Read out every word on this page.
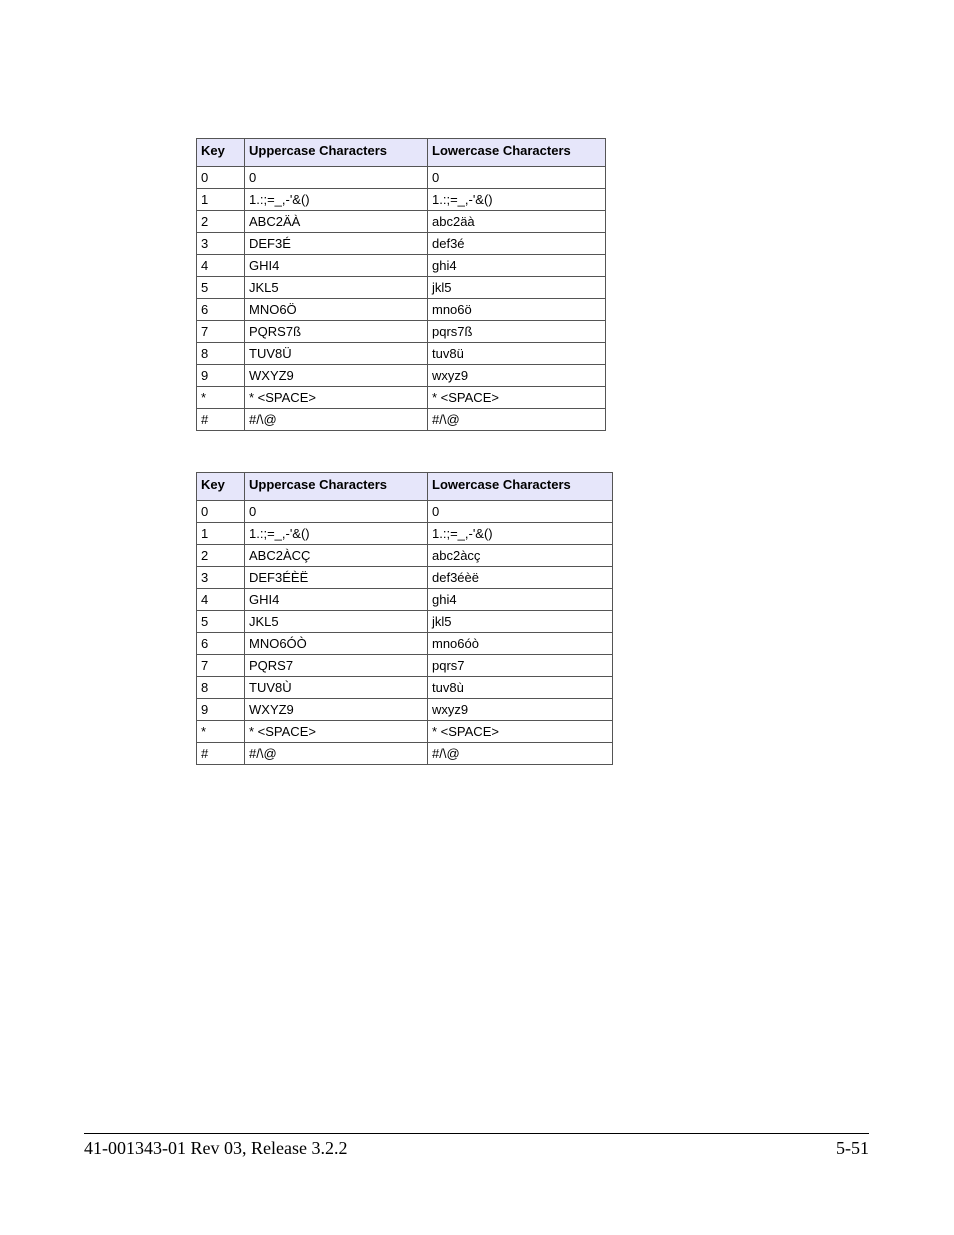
Key	Uppercase Characters	Lowercase Characters
0	0	0
1	1.:;=_,-'&()	1.:;=_,-'&()
2	ABC2ÄÀ	abc2äà
3	DEF3É	def3é
4	GHI4	ghi4
5	JKL5	jkl5
6	MNO6Ö	mno6ö
7	PQRS7ß	pqrs7ß
8	TUV8Ü	tuv8ü
9	WXYZ9	wxyz9
*	* <SPACE>	* <SPACE>
#	#/\@	#/\@
Key	Uppercase Characters	Lowercase Characters
0	0	0
1	1.:;=_,-'&()	1.:;=_,-'&()
2	ABC2ÀCÇ	abc2àcç
3	DEF3ÉÈË	def3éèë
4	GHI4	ghi4
5	JKL5	jkl5
6	MNO6ÓÒ	mno6óò
7	PQRS7	pqrs7
8	TUV8Ù	tuv8ù
9	WXYZ9	wxyz9
*	* <SPACE>	* <SPACE>
#	#/\@	#/\@
41-001343-01 Rev 03, Release 3.2.2	5-51
